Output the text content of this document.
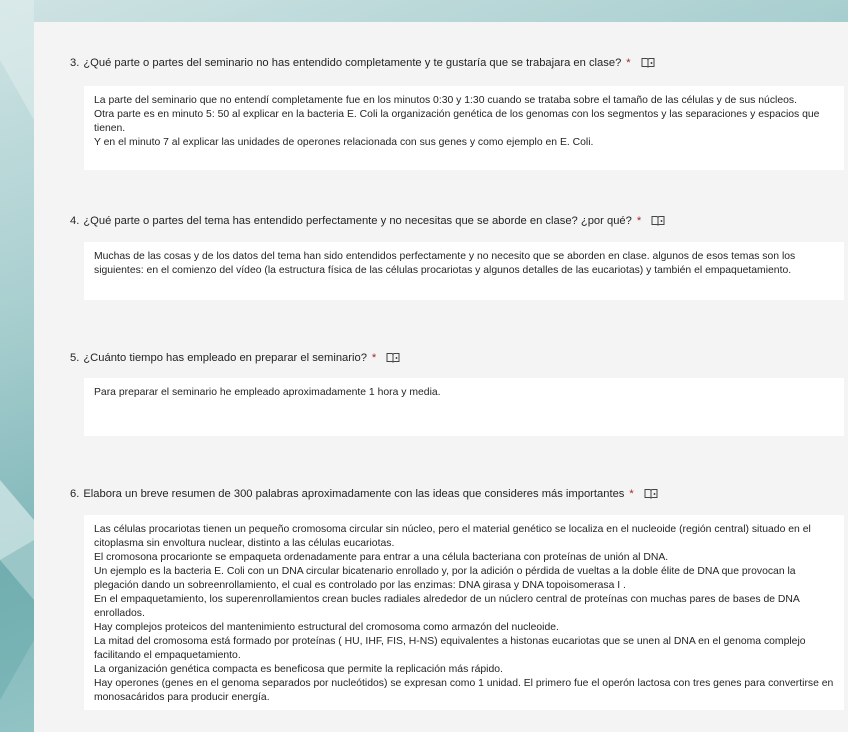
3. ¿Qué parte o partes del seminario no has entendido completamente y te gustaría que se trabajara en clase? *
La parte del seminario que no entendí completamente fue en los minutos 0:30 y 1:30 cuando se trataba sobre el tamaño de las células y de sus núcleos.
Otra parte es en minuto 5: 50 al explicar en la bacteria E. Coli la organización genética de los genomas con los segmentos y las separaciones y espacios que tienen.
Y en el minuto 7 al explicar las unidades de operones relacionada con sus genes y como ejemplo en E. Coli.
4. ¿Qué parte o partes del tema has entendido perfectamente y no necesitas que se aborde en clase? ¿por qué? *
Muchas de las cosas y de los datos del tema han sido entendidos perfectamente y no necesito que se aborden en clase. algunos de esos temas son los siguientes: en el comienzo del vídeo (la estructura física de las células procariotas y algunos detalles de las eucariotas) y también el empaquetamiento.
5. ¿Cuánto tiempo has empleado en preparar el seminario? *
Para preparar el seminario he empleado aproximadamente 1 hora y media.
6. Elabora un breve resumen de 300 palabras aproximadamente con las ideas que consideres más importantes *
Las células procariotas tienen un pequeño cromosoma circular sin núcleo, pero el material genético se localiza en el nucleoide (región central) situado en el citoplasma sin envoltura nuclear, distinto a las células eucariotas.
El cromosona procarionte se empaqueta ordenadamente para entrar a una célula bacteriana con proteínas de unión al DNA.
Un ejemplo es la bacteria E. Coli con un DNA circular bicatenario enrollado y, por la adición o pérdida de vueltas a la doble élite de DNA que provocan la plegación dando un sobreenrollamiento, el cual es controlado por las enzimas: DNA girasa y DNA topoisomerasa I .
En el empaquetamiento, los superenrollamientos crean bucles radiales alrededor de un núclero central de proteínas con muchas pares de bases de DNA enrollados.
Hay complejos proteicos del mantenimiento estructural del cromosoma como armazón del nucleoide.
La mitad del cromosoma está formado por proteínas ( HU, IHF, FIS, H-NS) equivalentes a histonas eucariotas que se unen al DNA en el genoma complejo facilitando el empaquetamiento.
La organización genética compacta es beneficosa que permite la replicación más rápido.
Hay operones (genes en el genoma separados por nucleótidos) se expresan como 1 unidad. El primero fue el operón lactosa con tres genes para convertirse en monosacáridos para producir energía.
